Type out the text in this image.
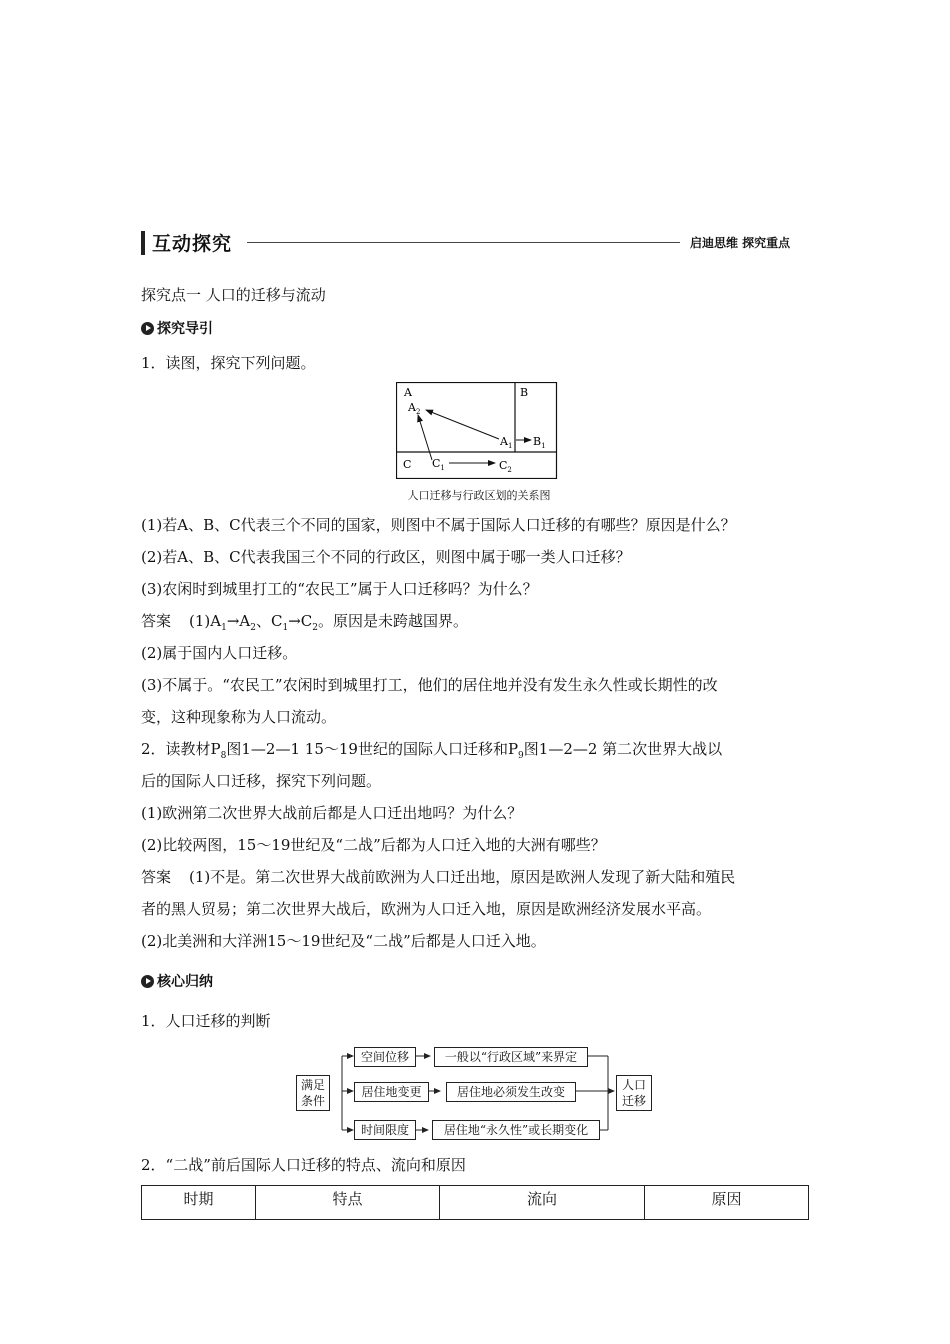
互动探究	启迪思维 探究重点
探究点一 人口的迁移与流动
探究导引
1．读图，探究下列问题。
A	B
C
$A_2$
$A_1$ $B_1$
$C_1$	$C_2$
人口迁移与行政区划的关系图
(1)若A、B、C代表三个不同的国家，则图中不属于国际人口迁移的有哪些？原因是什么？
(2)若A、B、C代表我国三个不同的行政区，则图中属于哪一类人口迁移？
(3)农闲时到城里打工的“农民工”属于人口迁移吗？为什么？
答案 $(1)A_1\to A_2$、$C_1\to C_2$。原因是未跨越国界。
(2)属于国内人口迁移。
(3)不属于。“农民工”农闲时到城里打工，他们的居住地并没有发生永久性或长期性的改
变，这种现象称为人口流动。
2．读教材$P_8$图1—2—1 15～19世纪的国际人口迁移和$P_9$图1—2—2 第二次世界大战以
后的国际人口迁移，探究下列问题。
(1)欧洲第二次世界大战前后都是人口迁出地吗？为什么？
(2)比较两图，15～19世纪及“二战”后都为人口迁入地的大洲有哪些？
答案 (1)不是。第二次世界大战前欧洲为人口迁出地，原因是欧洲人发现了新大陆和殖民
者的黑人贸易；第二次世界大战后，欧洲为人口迁入地，原因是欧洲经济发展水平高。
(2)北美洲和大洋洲15～19世纪及“二战”后都是人口迁入地。
核心归纳
1．人口迁移的判断
满足
条件
空间位移
居住地变更
时间限度
一般以“行政区域”来界定
居住地必须发生改变
居住地“永久性”或长期变化
人口
迁移
2．“二战”前后国际人口迁移的特点、流向和原因
时期	特点	流向	原因
